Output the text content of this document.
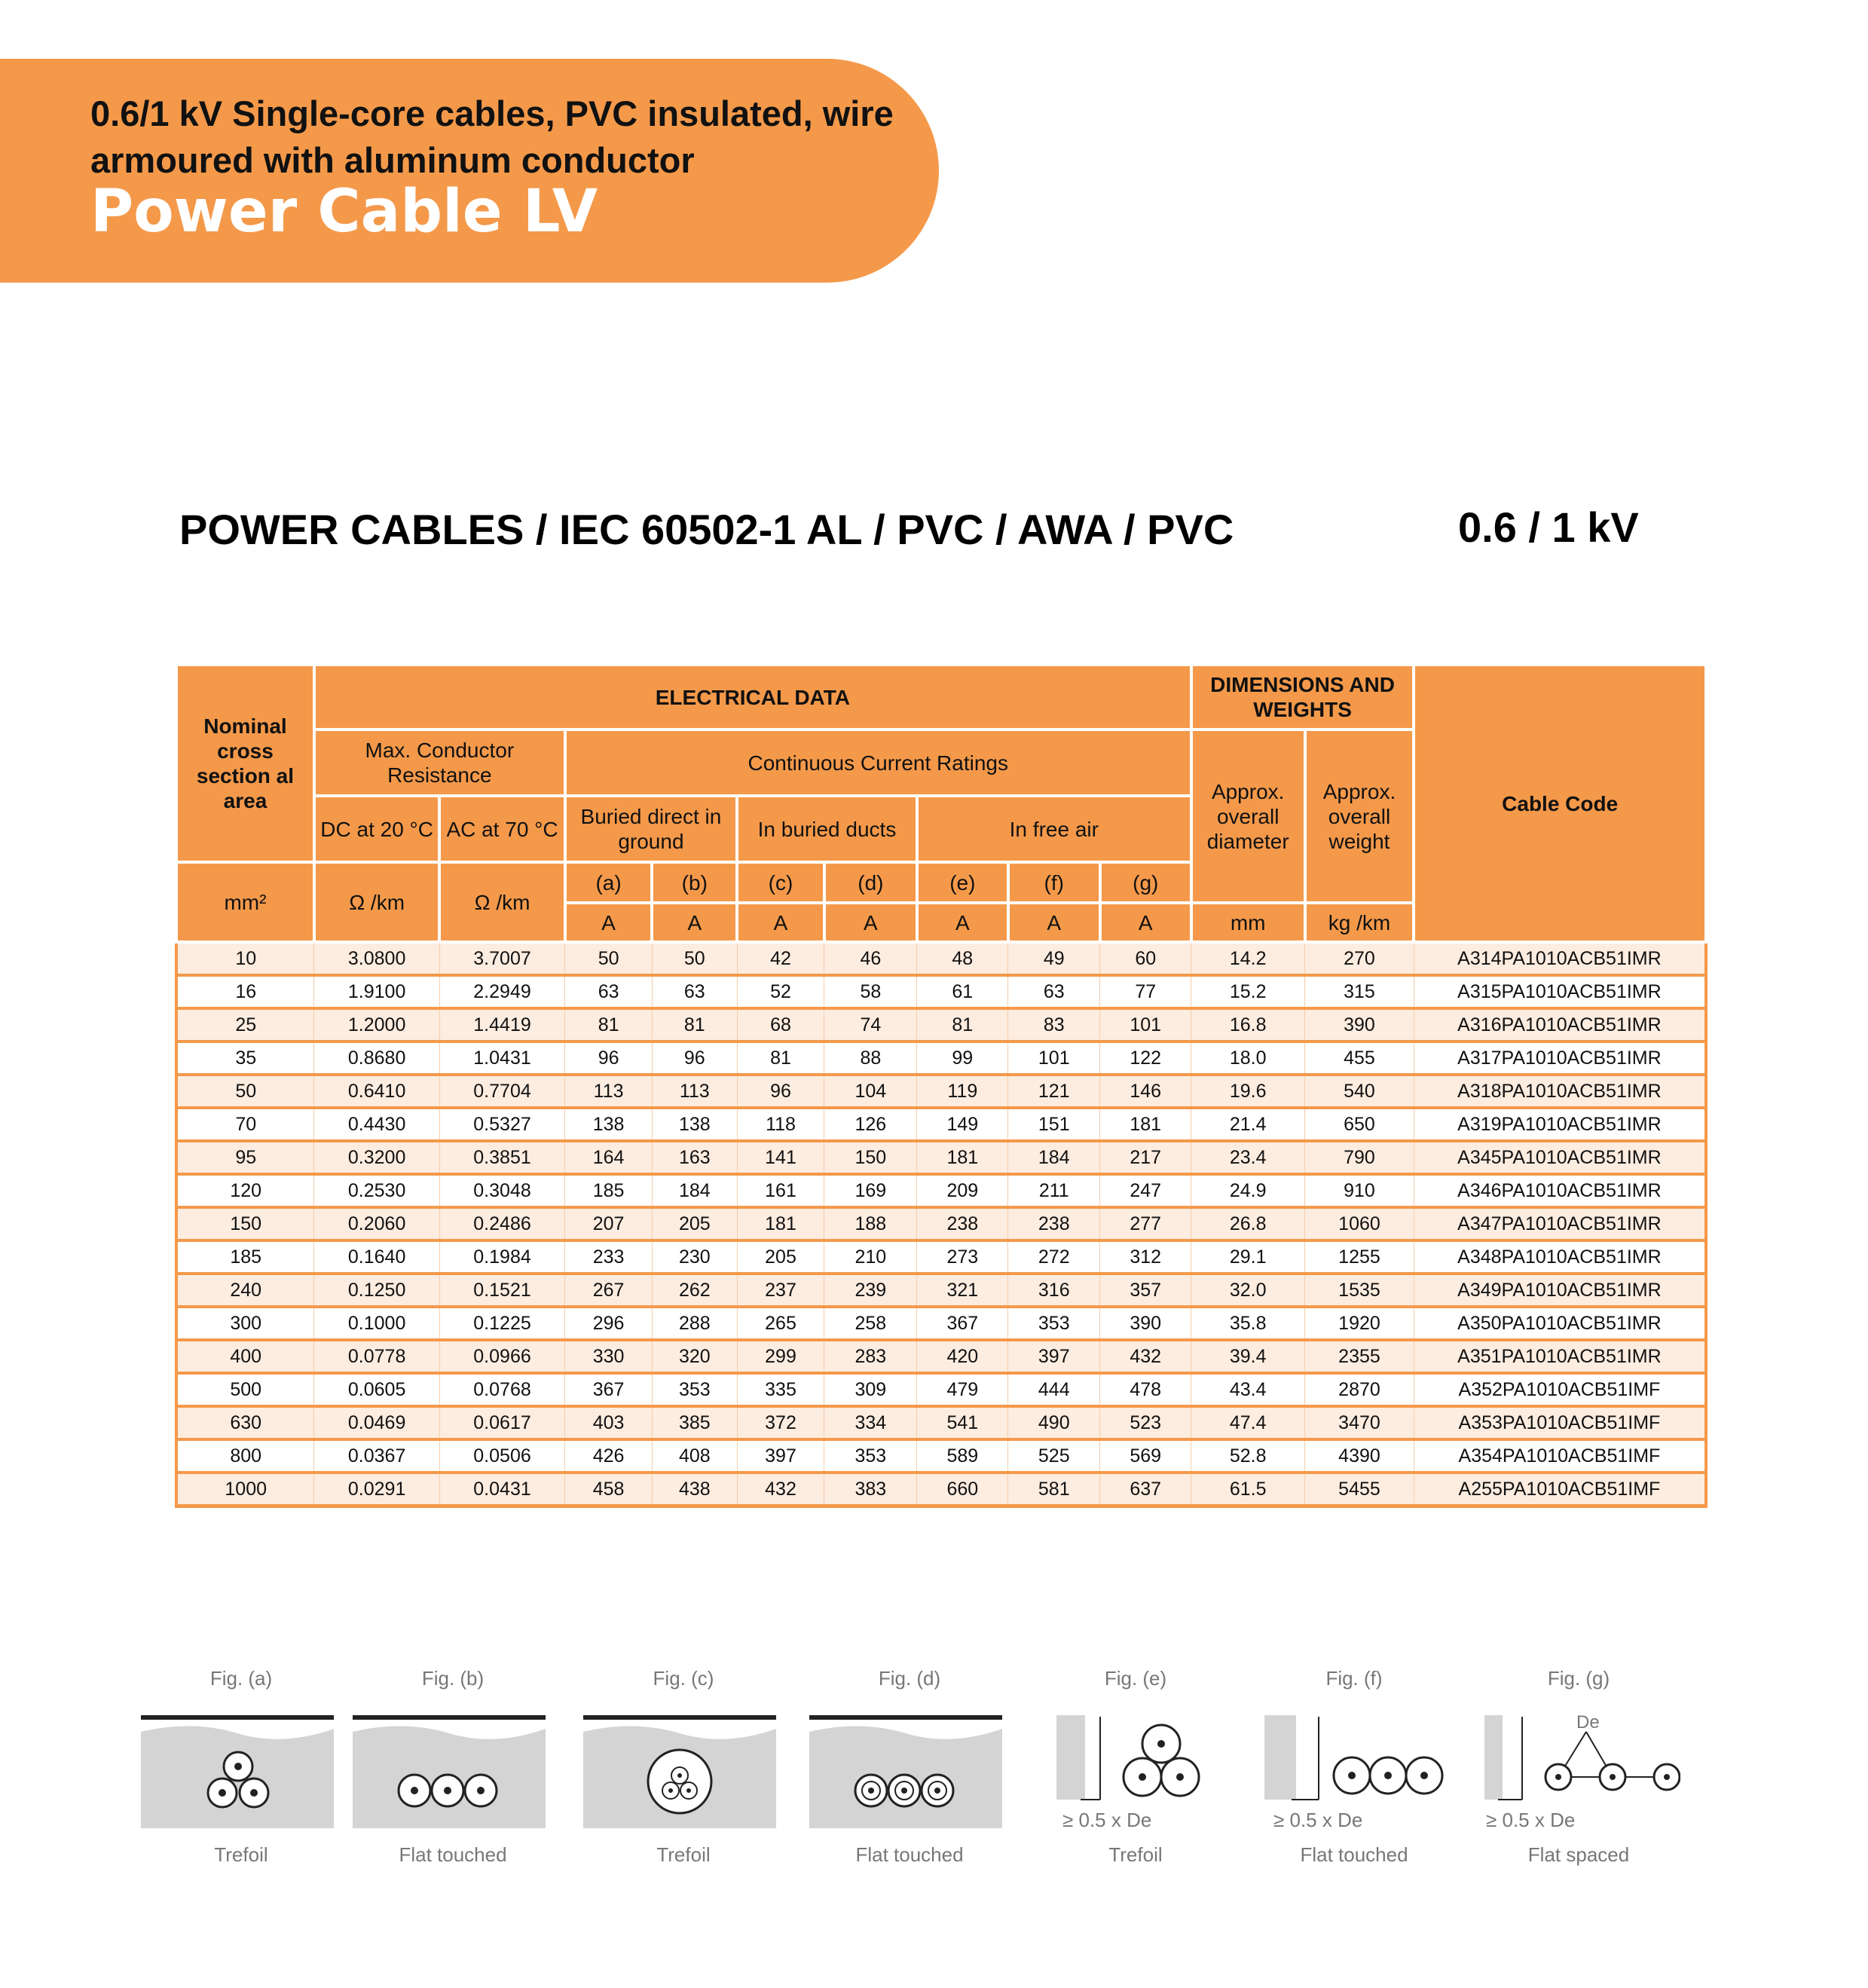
0.6/1 kV Single-core cables, PVC insulated, wire armoured with aluminum conductor
Power Cable LV
POWER CABLES / IEC 60502-1 AL / PVC / AWA / PVC	0.6 / 1 kV
Nominal cross section al area	ELECTRICAL DATA									DIMENSIONS AND WEIGHTS		Cable Code
	Max. Conductor Resistance		Continuous Current Ratings							Approx. overall diameter	Approx. overall weight	
	DC at 20 °C	AC at 70 °C	Buried direct in ground		In buried ducts		In free air					
mm²	Ω /km	Ω /km	(a)	(b)	(c)	(d)	(e)	(f)	(g)			
			A	A	A	A	A	A	A	mm	kg /km	
10	3.0800	3.7007	50	50	42	46	48	49	60	14.2	270	A314PA1010ACB51IMR
16	1.9100	2.2949	63	63	52	58	61	63	77	15.2	315	A315PA1010ACB51IMR
25	1.2000	1.4419	81	81	68	74	81	83	101	16.8	390	A316PA1010ACB51IMR
35	0.8680	1.0431	96	96	81	88	99	101	122	18.0	455	A317PA1010ACB51IMR
50	0.6410	0.7704	113	113	96	104	119	121	146	19.6	540	A318PA1010ACB51IMR
70	0.4430	0.5327	138	138	118	126	149	151	181	21.4	650	A319PA1010ACB51IMR
95	0.3200	0.3851	164	163	141	150	181	184	217	23.4	790	A345PA1010ACB51IMR
120	0.2530	0.3048	185	184	161	169	209	211	247	24.9	910	A346PA1010ACB51IMR
150	0.2060	0.2486	207	205	181	188	238	238	277	26.8	1060	A347PA1010ACB51IMR
185	0.1640	0.1984	233	230	205	210	273	272	312	29.1	1255	A348PA1010ACB51IMR
240	0.1250	0.1521	267	262	237	239	321	316	357	32.0	1535	A349PA1010ACB51IMR
300	0.1000	0.1225	296	288	265	258	367	353	390	35.8	1920	A350PA1010ACB51IMR
400	0.0778	0.0966	330	320	299	283	420	397	432	39.4	2355	A351PA1010ACB51IMR
500	0.0605	0.0768	367	353	335	309	479	444	478	43.4	2870	A352PA1010ACB51IMF
630	0.0469	0.0617	403	385	372	334	541	490	523	47.4	3470	A353PA1010ACB51IMF
800	0.0367	0.0506	426	408	397	353	589	525	569	52.8	4390	A354PA1010ACB51IMF
1000	0.0291	0.0431	458	438	432	383	660	581	637	61.5	5455	A255PA1010ACB51IMF
Fig. (a)
Trefoil
Fig. (b)
Flat touched
Fig. (c)
Trefoil
Fig. (d)
Flat touched
Fig. (e)
≥ 0.5 x De
Trefoil
Fig. (f)
≥ 0.5 x De
Flat touched
Fig. (g)
De
≥ 0.5 x De
Flat spaced
